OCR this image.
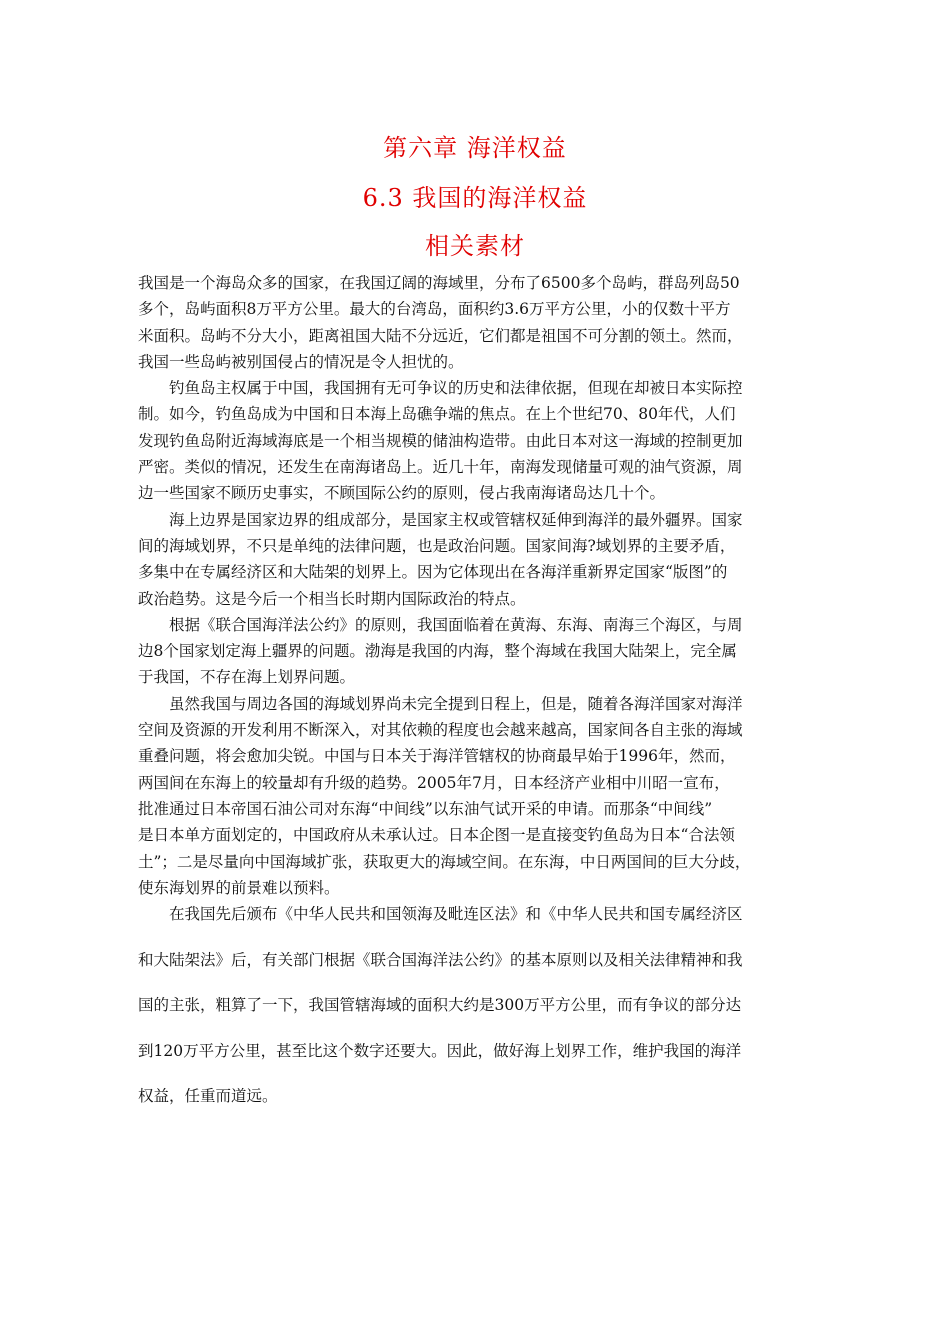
第六章 海洋权益
6.3 我国的海洋权益
相关素材
我国是一个海岛众多的国家，在我国辽阔的海域里，分布了6500多个岛屿，群岛列岛50
多个，岛屿面积8万平方公里。最大的台湾岛，面积约3.6万平方公里，小的仅数十平方
米面积。岛屿不分大小，距离祖国大陆不分远近，它们都是祖国不可分割的领土。然而，
我国一些岛屿被别国侵占的情况是令人担忧的。
钓鱼岛主权属于中国，我国拥有无可争议的历史和法律依据，但现在却被日本实际控
制。如今，钓鱼岛成为中国和日本海上岛礁争端的焦点。在上个世纪70、80年代，人们
发现钓鱼岛附近海域海底是一个相当规模的储油构造带。由此日本对这一海域的控制更加
严密。类似的情况，还发生在南海诸岛上。近几十年，南海发现储量可观的油气资源，周
边一些国家不顾历史事实，不顾国际公约的原则，侵占我南海诸岛达几十个。
海上边界是国家边界的组成部分，是国家主权或管辖权延伸到海洋的最外疆界。国家
间的海域划界，不只是单纯的法律问题，也是政治问题。国家间海?域划界的主要矛盾，
多集中在专属经济区和大陆架的划界上。因为它体现出在各海洋重新界定国家“版图”的
政治趋势。这是今后一个相当长时期内国际政治的特点。
根据《联合国海洋法公约》的原则，我国面临着在黄海、东海、南海三个海区，与周
边8个国家划定海上疆界的问题。渤海是我国的内海，整个海域在我国大陆架上，完全属
于我国，不存在海上划界问题。
虽然我国与周边各国的海域划界尚未完全提到日程上，但是，随着各海洋国家对海洋
空间及资源的开发利用不断深入，对其依赖的程度也会越来越高，国家间各自主张的海域
重叠问题，将会愈加尖锐。中国与日本关于海洋管辖权的协商最早始于1996年，然而，
两国间在东海上的较量却有升级的趋势。2005年7月，日本经济产业相中川昭一宣布，
批准通过日本帝国石油公司对东海“中间线”以东油气试开采的申请。而那条“中间线”
是日本单方面划定的，中国政府从未承认过。日本企图一是直接变钓鱼岛为日本“合法领
土”；二是尽量向中国海域扩张，获取更大的海域空间。在东海，中日两国间的巨大分歧，
使东海划界的前景难以预料。
在我国先后颁布《中华人民共和国领海及毗连区法》和《中华人民共和国专属经济区
和大陆架法》后，有关部门根据《联合国海洋法公约》的基本原则以及相关法律精神和我
国的主张，粗算了一下，我国管辖海域的面积大约是300万平方公里，而有争议的部分达
到120万平方公里，甚至比这个数字还要大。因此，做好海上划界工作，维护我国的海洋
权益，任重而道远。
